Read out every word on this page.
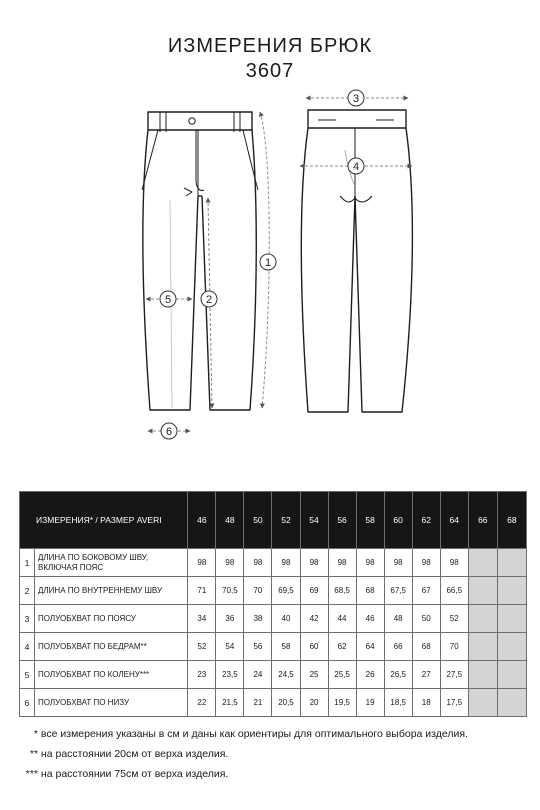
ИЗМЕРЕНИЯ БРЮК
3607
1
2
3
4
5
6
ИЗМЕРЕНИЯ* / РАЗМЕР AVERI		46	48	50	52	54	56	58	60	62	64	66	68
1	ДЛИНА ПО БОКОВОМУ ШВУ, ВКЛЮЧАЯ ПОЯС	98	98	98	98	98	98	98	98	98	98		
2	ДЛИНА ПО ВНУТРЕННЕМУ ШВУ	71	70,5	70	69,5	69	68,5	68	67,5	67	66,5		
3	ПОЛУОБХВАТ ПО ПОЯСУ	34	36	38	40	42	44	46	48	50	52		
4	ПОЛУОБХВАТ ПО БЕДРАМ**	52	54	56	58	60	62	64	66	68	70		
5	ПОЛУОБХВАТ ПО КОЛЕНУ***	23	23,5	24	24,5	25	25,5	26	26,5	27	27,5		
6	ПОЛУОБХВАТ ПО НИЗУ	22	21,5	21	20,5	20	19,5	19	18,5	18	17,5		
* все измерения указаны в см и даны как ориентиры для оптимального выбора изделия.
** на расстоянии 20см от верха изделия.
*** на расстоянии 75см от верха изделия.
